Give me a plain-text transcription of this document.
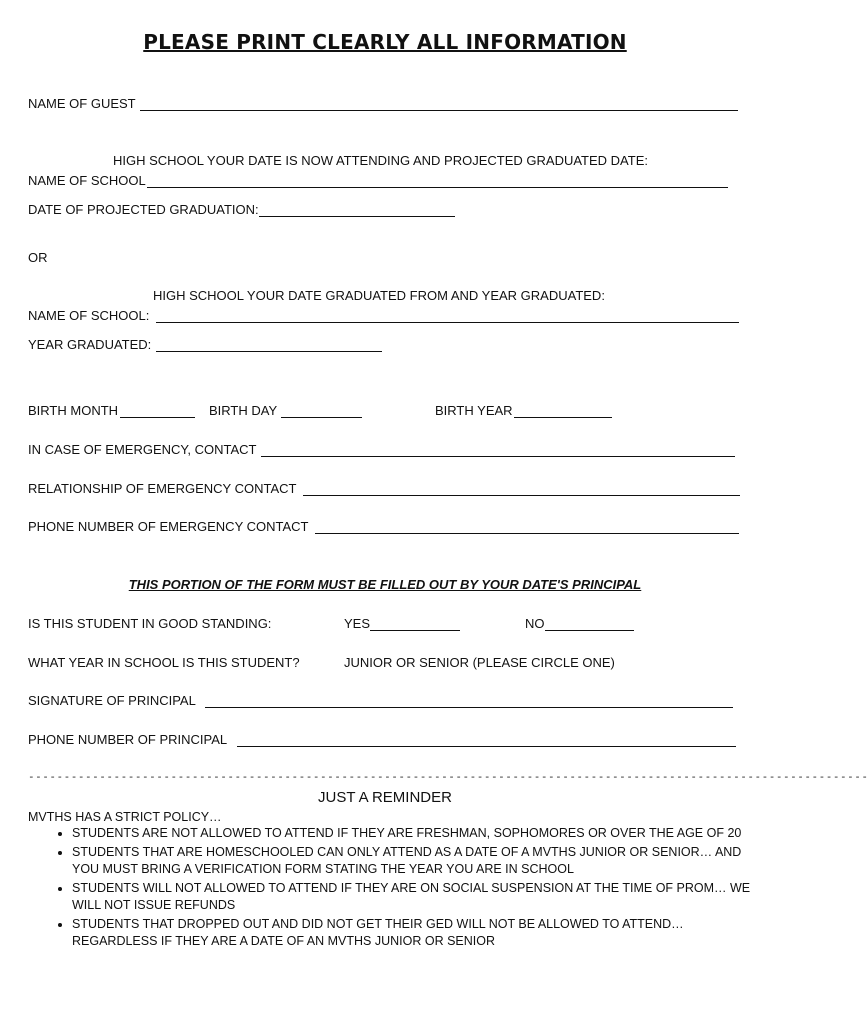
PLEASE PRINT CLEARLY ALL INFORMATION
NAME OF GUEST
HIGH SCHOOL YOUR DATE IS NOW ATTENDING AND PROJECTED GRADUATED DATE:
NAME OF SCHOOL
DATE OF PROJECTED GRADUATION:
OR
HIGH SCHOOL YOUR DATE GRADUATED FROM AND YEAR GRADUATED:
NAME OF SCHOOL:
YEAR GRADUATED:
BIRTH MONTH	BIRTH DAY	BIRTH YEAR
IN CASE OF EMERGENCY, CONTACT
RELATIONSHIP OF EMERGENCY CONTACT
PHONE NUMBER OF EMERGENCY CONTACT
THIS PORTION OF THE FORM MUST BE FILLED OUT BY YOUR DATE'S PRINCIPAL
IS THIS STUDENT IN GOOD STANDING:	YES	NO
WHAT YEAR IN SCHOOL IS THIS STUDENT?	JUNIOR OR SENIOR (PLEASE CIRCLE ONE)
SIGNATURE OF PRINCIPAL
PHONE NUMBER OF PRINCIPAL
----------------------------------------------------------------------------------------------------------------------
JUST A REMINDER
MVTHS HAS A STRICT POLICY…
• STUDENTS ARE NOT ALLOWED TO ATTEND IF THEY ARE FRESHMAN, SOPHOMORES OR OVER THE AGE OF 20
• STUDENTS THAT ARE HOMESCHOOLED CAN ONLY ATTEND AS A DATE OF A MVTHS JUNIOR OR SENIOR… AND YOU MUST BRING A VERIFICATION FORM STATING THE YEAR YOU ARE IN SCHOOL
• STUDENTS WILL NOT ALLOWED TO ATTEND IF THEY ARE ON SOCIAL SUSPENSION AT THE TIME OF PROM… WE WILL NOT ISSUE REFUNDS
• STUDENTS THAT DROPPED OUT AND DID NOT GET THEIR GED WILL NOT BE ALLOWED TO ATTEND…REGARDLESS IF THEY ARE A DATE OF AN MVTHS JUNIOR OR SENIOR
